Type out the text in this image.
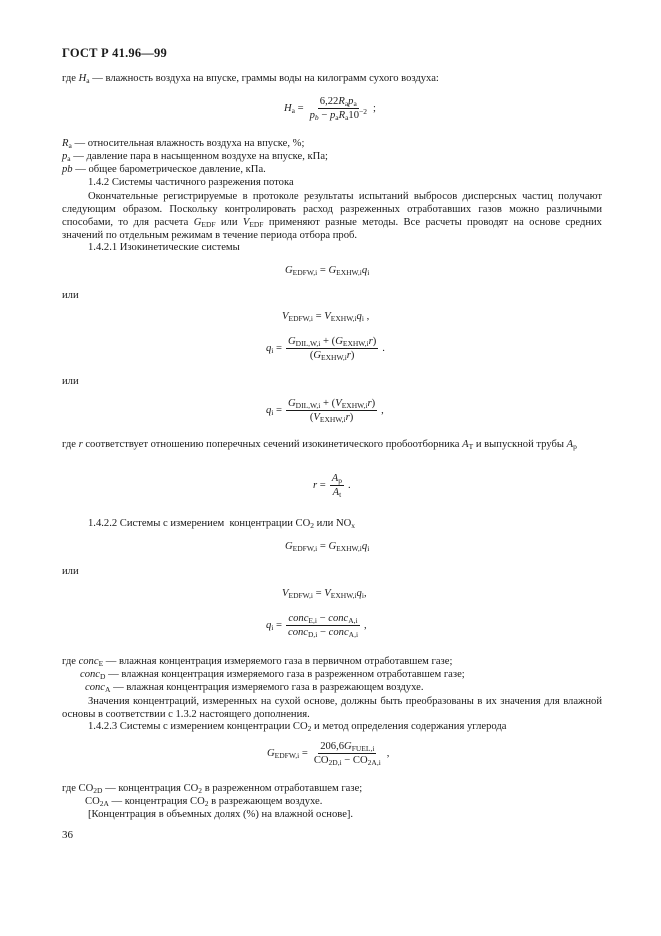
ГОСТ Р 41.96—99
где $H_а$ — влажность воздуха на впуске, граммы воды на килограмм сухого воздуха:
$H_а = \frac{6,22R_аp_а}{p_b - p_аR_а10^{-2}}$ ;
$R_а$ — относительная влажность воздуха на впуске, %;
$p_а$ — давление пара в насыщенном воздухе на впуске, кПа;
pb — общее барометрическое давление, кПа.
1.4.2 Системы частичного разрежения потока
Окончательные регистрируемые в протоколе результаты испытаний выбросов дисперсных частиц получают следующим образом. Поскольку контролировать расход разреженных отработавших газов можно различными способами, то для расчета $G_{EDF}$ или $V_{EDF}$ применяют разные методы. Все расчеты проводят на основе средних значений по отдельным режимам в течение периода отбора проб.
1.4.2.1 Изокинетические системы
$G_{EDFW,i} = G_{EXHW,i}q_i$
или
$V_{EDFW,i} = V_{EXHW,i}q_i$ ,
$q_i = \frac{G_{DIL,W,i} + (G_{EXHW,i}r)}{(G_{EXHW,i}r)}$ .
или
$q_i = \frac{G_{DIL,W,i} + (V_{EXHW,i}r)}{(V_{EXHW,i}r)}$ ,
где r соответствует отношению поперечных сечений изокинетического пробоотборника $A_T$ и выпускной трубы $A_p$
$r = \frac{A_p}{A_t}$ .
1.4.2.2 Системы с измерением  концентрации $CO_2$ или $NO_x$
$G_{EDFW,i} = G_{EXHW,i}q_i$
или
$V_{EDFW,i} = V_{EXHW,i}q_i$,
$q_i = \frac{conc_{E,i} - conc_{A,i}}{conc_{D,i} - conc_{A,i}}$ ,
где conc$_E$ — влажная концентрация измеряемого газа в первичном отработавшем газе;
conc$_D$ — влажная концентрация измеряемого газа в разреженном отработавшем газе;
conc$_A$ — влажная концентрация измеряемого газа в разрежающем воздухе.
Значения концентраций, измеренных на сухой основе, должны быть преобразованы в их значения для влажной основы в соответствии с 1.3.2 настоящего дополнения.
1.4.2.3 Системы с измерением концентрации $CO_2$ и метод определения содержания углерода
$G_{EDFW,i} = \frac{206,6G_{FUEL,i}}{CO_{2D,i} - CO_{2A,i}}$ ,
где $CO_{2D}$ — концентрация $CO_2$ в разреженном отработавшем газе;
$CO_{2A}$ — концентрация $CO_2$ в разрежающем воздухе.
[Концентрация в объемных долях (%) на влажной основе].
36
